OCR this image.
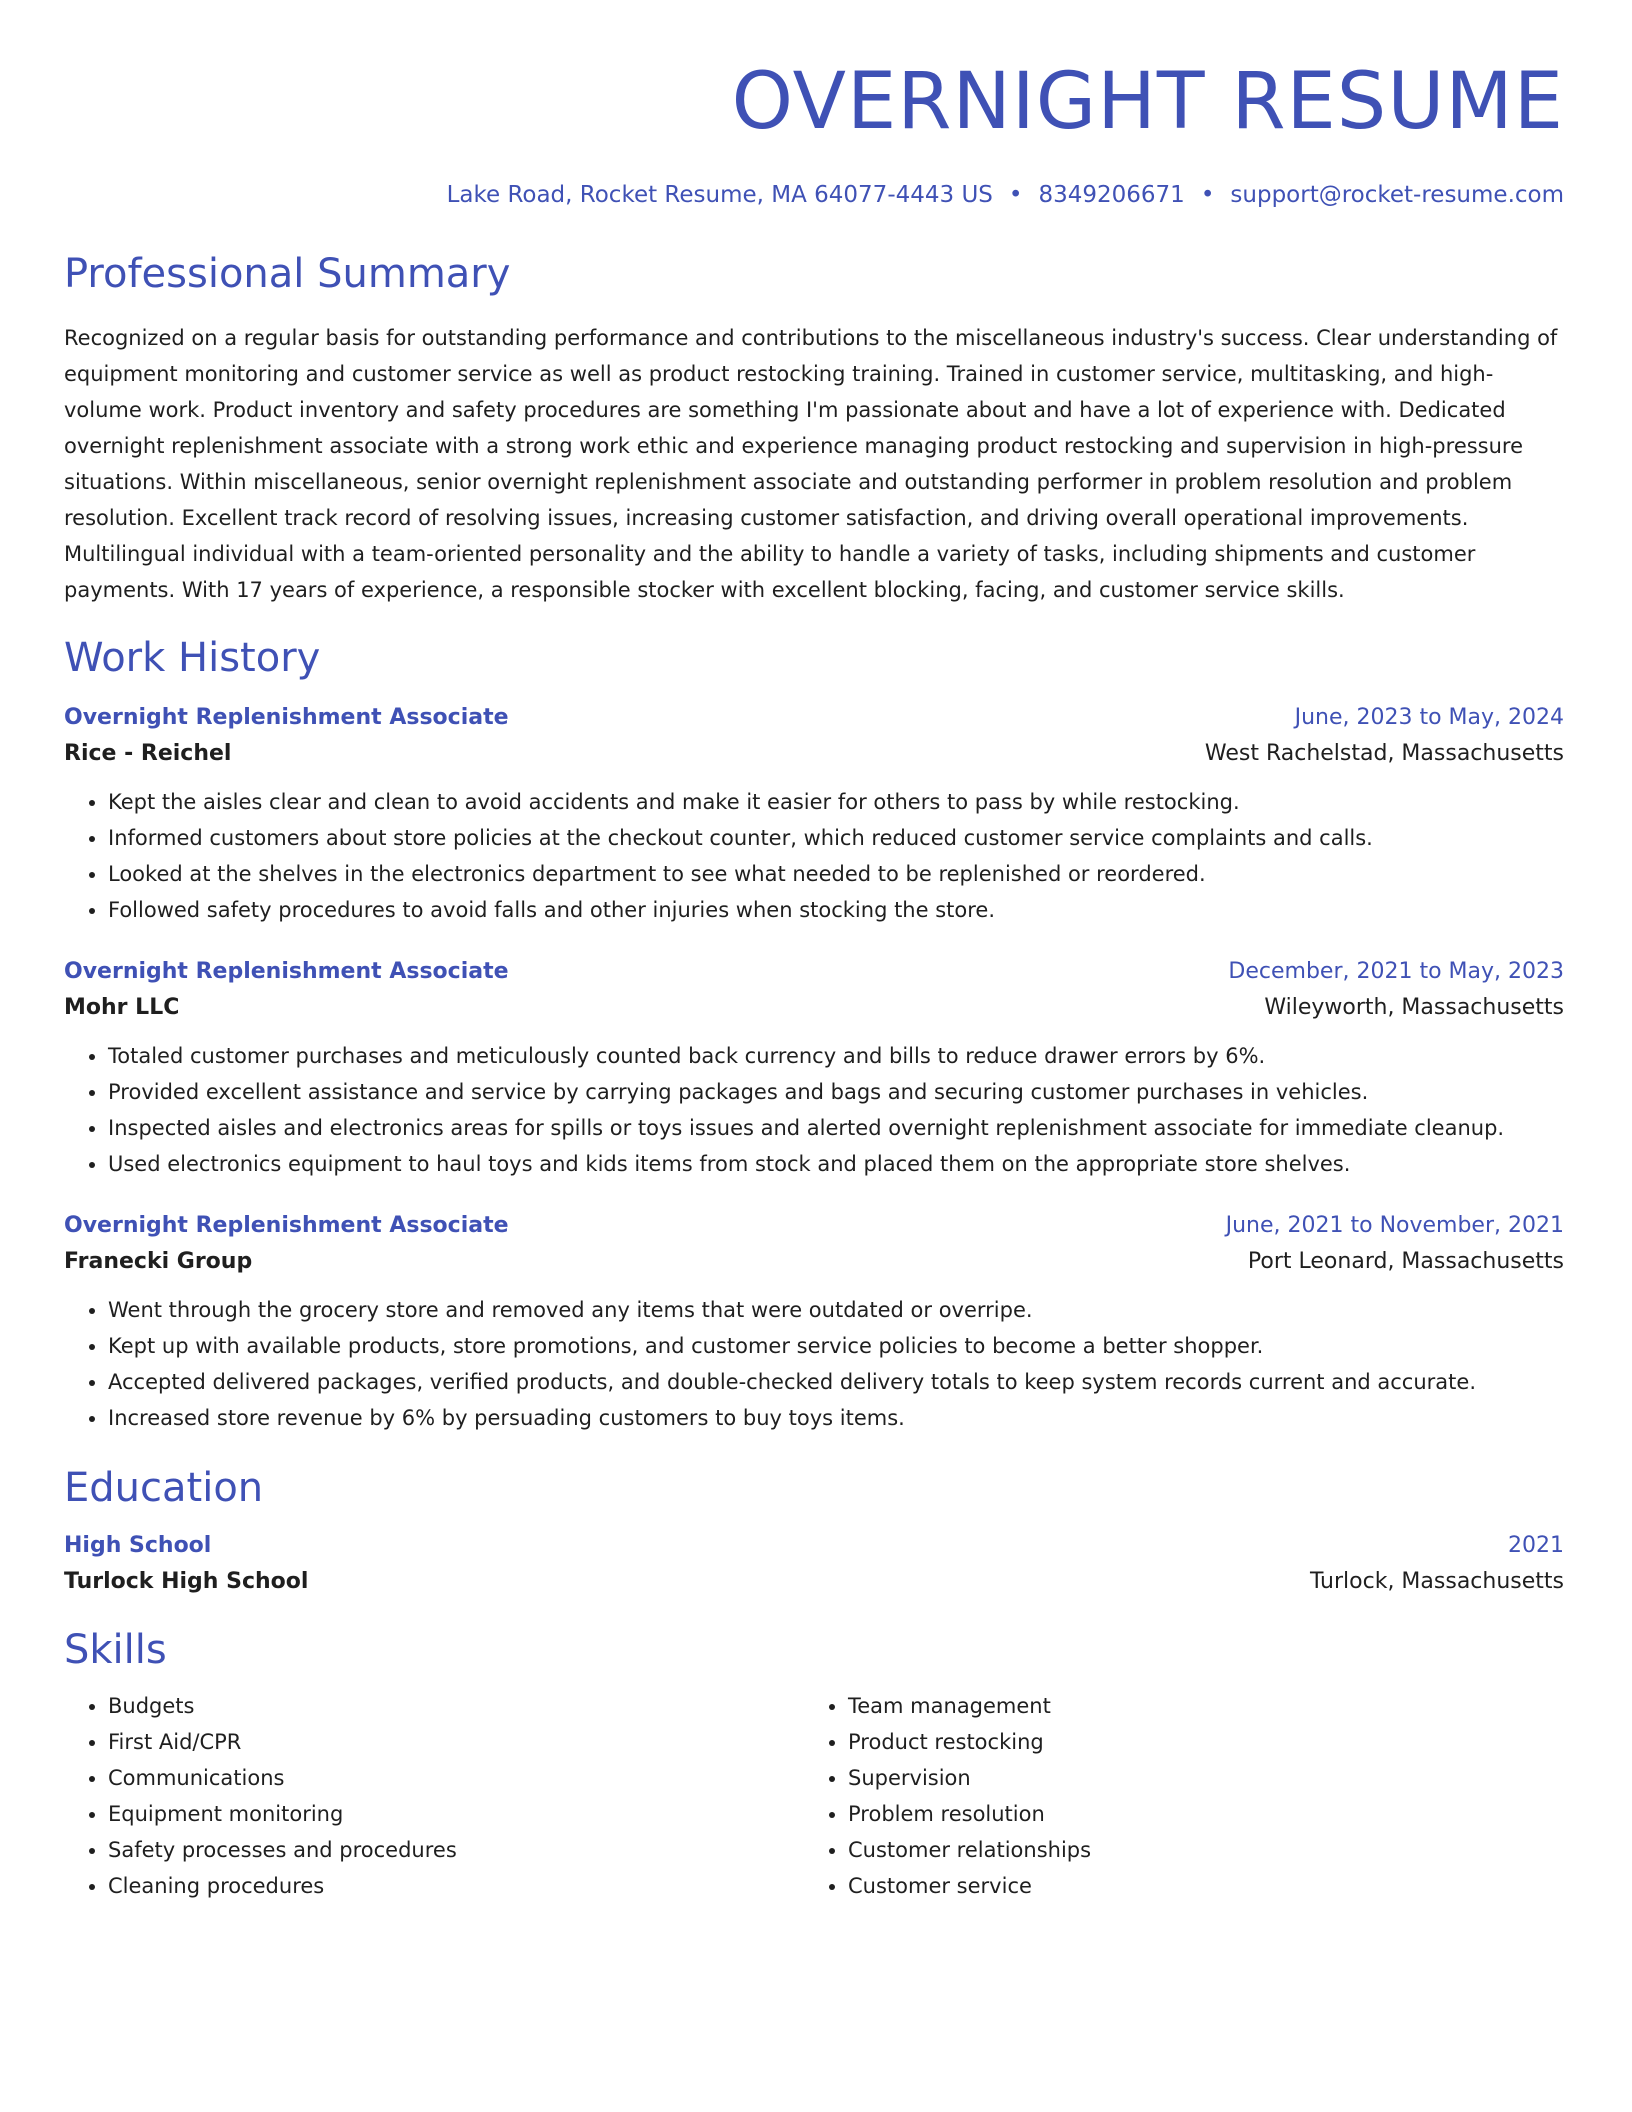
OVERNIGHT RESUME
Lake Road, Rocket Resume, MA 64077-4443 US • 8349206671 • support@rocket-resume.com
Professional Summary
Recognized on a regular basis for outstanding performance and contributions to the miscellaneous industry's success. Clear understanding of equipment monitoring and customer service as well as product restocking training. Trained in customer service, multitasking, and high-volume work. Product inventory and safety procedures are something I'm passionate about and have a lot of experience with. Dedicated overnight replenishment associate with a strong work ethic and experience managing product restocking and supervision in high-pressure situations. Within miscellaneous, senior overnight replenishment associate and outstanding performer in problem resolution and problem resolution. Excellent track record of resolving issues, increasing customer satisfaction, and driving overall operational improvements. Multilingual individual with a team-oriented personality and the ability to handle a variety of tasks, including shipments and customer payments. With 17 years of experience, a responsible stocker with excellent blocking, facing, and customer service skills.
Work History
Overnight Replenishment Associate	June, 2023 to May, 2024
Rice - Reichel	West Rachelstad, Massachusetts
• Kept the aisles clear and clean to avoid accidents and make it easier for others to pass by while restocking.
• Informed customers about store policies at the checkout counter, which reduced customer service complaints and calls.
• Looked at the shelves in the electronics department to see what needed to be replenished or reordered.
• Followed safety procedures to avoid falls and other injuries when stocking the store.
Overnight Replenishment Associate	December, 2021 to May, 2023
Mohr LLC	Wileyworth, Massachusetts
• Totaled customer purchases and meticulously counted back currency and bills to reduce drawer errors by 6%.
• Provided excellent assistance and service by carrying packages and bags and securing customer purchases in vehicles.
• Inspected aisles and electronics areas for spills or toys issues and alerted overnight replenishment associate for immediate cleanup.
• Used electronics equipment to haul toys and kids items from stock and placed them on the appropriate store shelves.
Overnight Replenishment Associate	June, 2021 to November, 2021
Franecki Group	Port Leonard, Massachusetts
• Went through the grocery store and removed any items that were outdated or overripe.
• Kept up with available products, store promotions, and customer service policies to become a better shopper.
• Accepted delivered packages, verified products, and double-checked delivery totals to keep system records current and accurate.
• Increased store revenue by 6% by persuading customers to buy toys items.
Education
High School	2021
Turlock High School	Turlock, Massachusetts
Skills
• Budgets
• First Aid/CPR
• Communications
• Equipment monitoring
• Safety processes and procedures
• Cleaning procedures
• Team management
• Product restocking
• Supervision
• Problem resolution
• Customer relationships
• Customer service
